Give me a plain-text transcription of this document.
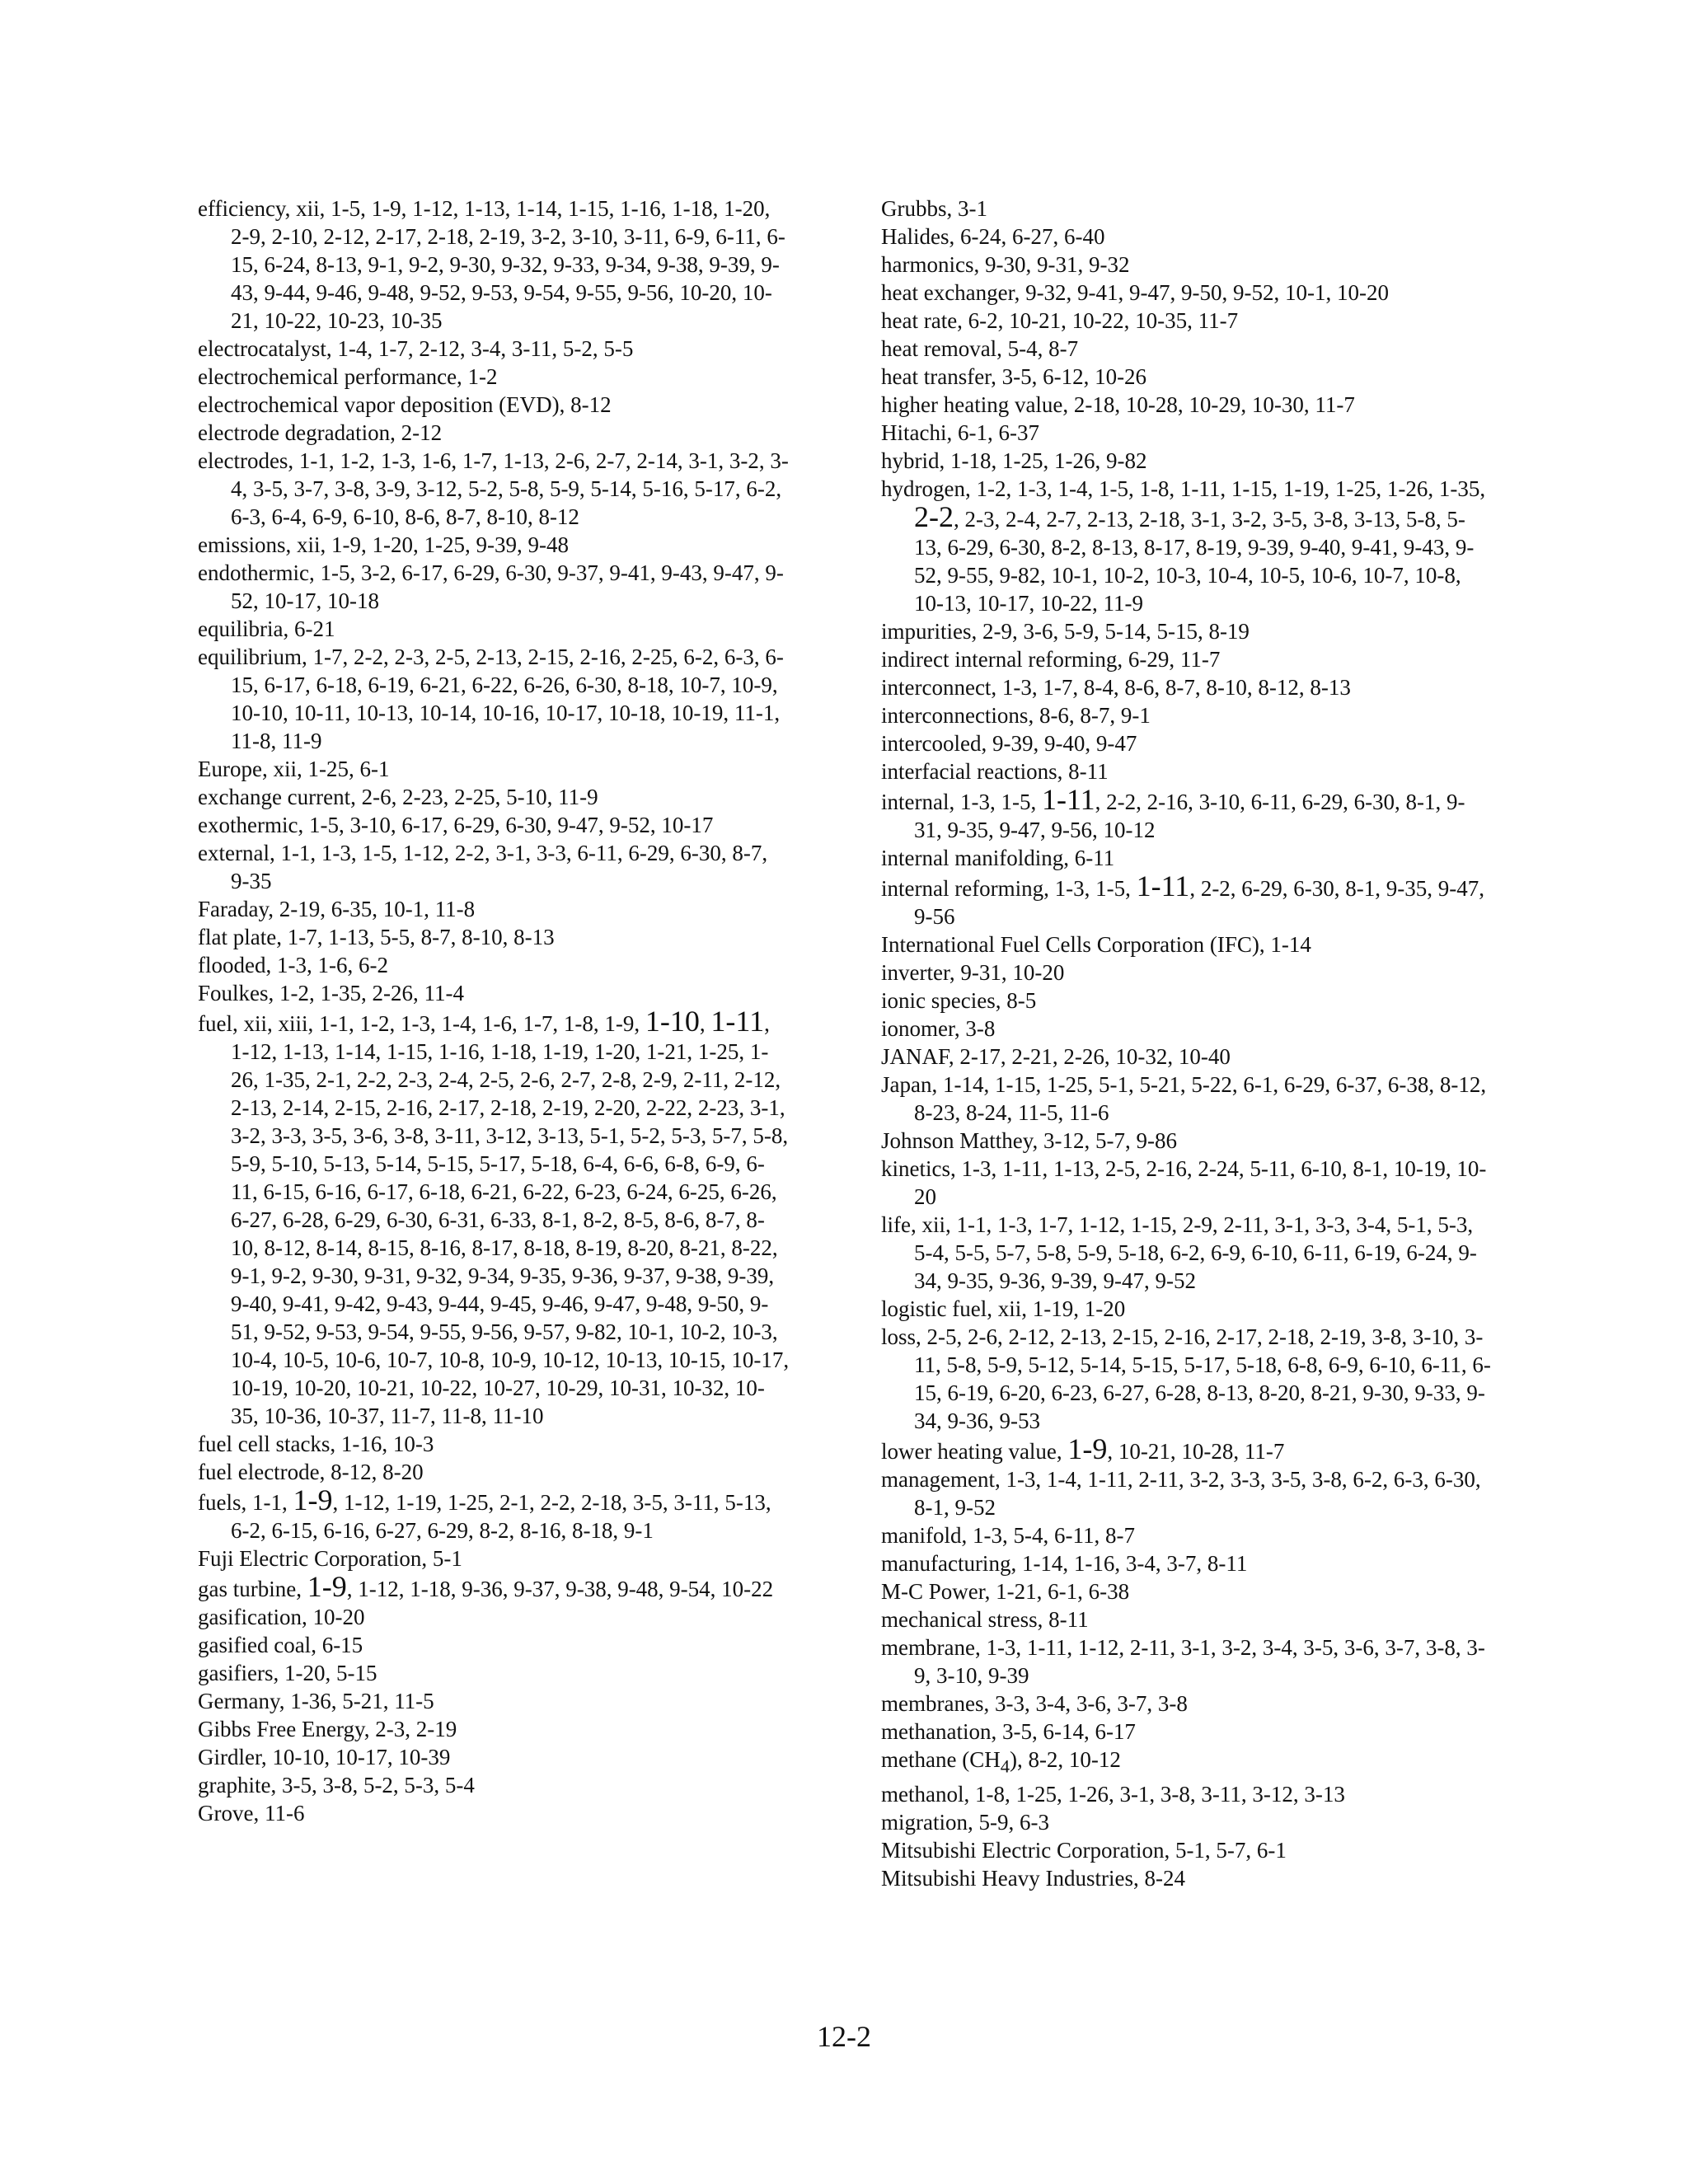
efficiency, xii, 1-5, 1-9, 1-12, 1-13, 1-14, 1-15, 1-16, 1-18, 1-20, 2-9, 2-10, 2-12, 2-17, 2-18, 2-19, 3-2, 3-10, 3-11, 6-9, 6-11, 6-15, 6-24, 8-13, 9-1, 9-2, 9-30, 9-32, 9-33, 9-34, 9-38, 9-39, 9-43, 9-44, 9-46, 9-48, 9-52, 9-53, 9-54, 9-55, 9-56, 10-20, 10-21, 10-22, 10-23, 10-35

electrocatalyst, 1-4, 1-7, 2-12, 3-4, 3-11, 5-2, 5-5

electrochemical performance, 1-2

electrochemical vapor deposition (EVD), 8-12

electrode degradation, 2-12

electrodes, 1-1, 1-2, 1-3, 1-6, 1-7, 1-13, 2-6, 2-7, 2-14, 3-1, 3-2, 3-4, 3-5, 3-7, 3-8, 3-9, 3-12, 5-2, 5-8, 5-9, 5-14, 5-16, 5-17, 6-2, 6-3, 6-4, 6-9, 6-10, 8-6, 8-7, 8-10, 8-12

emissions, xii, 1-9, 1-20, 1-25, 9-39, 9-48

endothermic, 1-5, 3-2, 6-17, 6-29, 6-30, 9-37, 9-41, 9-43, 9-47, 9-52, 10-17, 10-18

equilibria, 6-21

equilibrium, 1-7, 2-2, 2-3, 2-5, 2-13, 2-15, 2-16, 2-25, 6-2, 6-3, 6-15, 6-17, 6-18, 6-19, 6-21, 6-22, 6-26, 6-30, 8-18, 10-7, 10-9, 10-10, 10-11, 10-13, 10-14, 10-16, 10-17, 10-18, 10-19, 11-1, 11-8, 11-9

Europe, xii, 1-25, 6-1

exchange current, 2-6, 2-23, 2-25, 5-10, 11-9

exothermic, 1-5, 3-10, 6-17, 6-29, 6-30, 9-47, 9-52, 10-17

external, 1-1, 1-3, 1-5, 1-12, 2-2, 3-1, 3-3, 6-11, 6-29, 6-30, 8-7, 9-35

Faraday, 2-19, 6-35, 10-1, 11-8

flat plate, 1-7, 1-13, 5-5, 8-7, 8-10, 8-13

flooded, 1-3, 1-6, 6-2

Foulkes, 1-2, 1-35, 2-26, 11-4

fuel, xii, xiii, 1-1, 1-2, 1-3, 1-4, 1-6, 1-7, 1-8, 1-9, 1-10, 1-11, 1-12, 1-13, 1-14, 1-15, 1-16, 1-18, 1-19, 1-20, 1-21, 1-25, 1-26, 1-35, 2-1, 2-2, 2-3, 2-4, 2-5, 2-6, 2-7, 2-8, 2-9, 2-11, 2-12, 2-13, 2-14, 2-15, 2-16, 2-17, 2-18, 2-19, 2-20, 2-22, 2-23, 3-1, 3-2, 3-3, 3-5, 3-6, 3-8, 3-11, 3-12, 3-13, 5-1, 5-2, 5-3, 5-7, 5-8, 5-9, 5-10, 5-13, 5-14, 5-15, 5-17, 5-18, 6-4, 6-6, 6-8, 6-9, 6-11, 6-15, 6-16, 6-17, 6-18, 6-21, 6-22, 6-23, 6-24, 6-25, 6-26, 6-27, 6-28, 6-29, 6-30, 6-31, 6-33, 8-1, 8-2, 8-5, 8-6, 8-7, 8-10, 8-12, 8-14, 8-15, 8-16, 8-17, 8-18, 8-19, 8-20, 8-21, 8-22, 9-1, 9-2, 9-30, 9-31, 9-32, 9-34, 9-35, 9-36, 9-37, 9-38, 9-39, 9-40, 9-41, 9-42, 9-43, 9-44, 9-45, 9-46, 9-47, 9-48, 9-50, 9-51, 9-52, 9-53, 9-54, 9-55, 9-56, 9-57, 9-82, 10-1, 10-2, 10-3, 10-4, 10-5, 10-6, 10-7, 10-8, 10-9, 10-12, 10-13, 10-15, 10-17, 10-19, 10-20, 10-21, 10-22, 10-27, 10-29, 10-31, 10-32, 10-35, 10-36, 10-37, 11-7, 11-8, 11-10

fuel cell stacks, 1-16, 10-3

fuel electrode, 8-12, 8-20

fuels, 1-1, 1-9, 1-12, 1-19, 1-25, 2-1, 2-2, 2-18, 3-5, 3-11, 5-13, 6-2, 6-15, 6-16, 6-27, 6-29, 8-2, 8-16, 8-18, 9-1

Fuji Electric Corporation, 5-1

gas turbine, 1-9, 1-12, 1-18, 9-36, 9-37, 9-38, 9-48, 9-54, 10-22

gasification, 10-20

gasified coal, 6-15

gasifiers, 1-20, 5-15

Germany, 1-36, 5-21, 11-5

Gibbs Free Energy, 2-3, 2-19

Girdler, 10-10, 10-17, 10-39

graphite, 3-5, 3-8, 5-2, 5-3, 5-4

Grove, 11-6

Grubbs, 3-1

Halides, 6-24, 6-27, 6-40

harmonics, 9-30, 9-31, 9-32

heat exchanger, 9-32, 9-41, 9-47, 9-50, 9-52, 10-1, 10-20

heat rate, 6-2, 10-21, 10-22, 10-35, 11-7

heat removal, 5-4, 8-7

heat transfer, 3-5, 6-12, 10-26

higher heating value, 2-18, 10-28, 10-29, 10-30, 11-7

Hitachi, 6-1, 6-37

hybrid, 1-18, 1-25, 1-26, 9-82

hydrogen, 1-2, 1-3, 1-4, 1-5, 1-8, 1-11, 1-15, 1-19, 1-25, 1-26, 1-35, 2-2, 2-3, 2-4, 2-7, 2-13, 2-18, 3-1, 3-2, 3-5, 3-8, 3-13, 5-8, 5-13, 6-29, 6-30, 8-2, 8-13, 8-17, 8-19, 9-39, 9-40, 9-41, 9-43, 9-52, 9-55, 9-82, 10-1, 10-2, 10-3, 10-4, 10-5, 10-6, 10-7, 10-8, 10-13, 10-17, 10-22, 11-9

impurities, 2-9, 3-6, 5-9, 5-14, 5-15, 8-19

indirect internal reforming, 6-29, 11-7

interconnect, 1-3, 1-7, 8-4, 8-6, 8-7, 8-10, 8-12, 8-13

interconnections, 8-6, 8-7, 9-1

intercooled, 9-39, 9-40, 9-47

interfacial reactions, 8-11

internal, 1-3, 1-5, 1-11, 2-2, 2-16, 3-10, 6-11, 6-29, 6-30, 8-1, 9-31, 9-35, 9-47, 9-56, 10-12

internal manifolding, 6-11

internal reforming, 1-3, 1-5, 1-11, 2-2, 6-29, 6-30, 8-1, 9-35, 9-47, 9-56

International Fuel Cells Corporation (IFC), 1-14

inverter, 9-31, 10-20

ionic species, 8-5

ionomer, 3-8

JANAF, 2-17, 2-21, 2-26, 10-32, 10-40

Japan, 1-14, 1-15, 1-25, 5-1, 5-21, 5-22, 6-1, 6-29, 6-37, 6-38, 8-12, 8-23, 8-24, 11-5, 11-6

Johnson Matthey, 3-12, 5-7, 9-86

kinetics, 1-3, 1-11, 1-13, 2-5, 2-16, 2-24, 5-11, 6-10, 8-1, 10-19, 10-20

life, xii, 1-1, 1-3, 1-7, 1-12, 1-15, 2-9, 2-11, 3-1, 3-3, 3-4, 5-1, 5-3, 5-4, 5-5, 5-7, 5-8, 5-9, 5-18, 6-2, 6-9, 6-10, 6-11, 6-19, 6-24, 9-34, 9-35, 9-36, 9-39, 9-47, 9-52

logistic fuel, xii, 1-19, 1-20

loss, 2-5, 2-6, 2-12, 2-13, 2-15, 2-16, 2-17, 2-18, 2-19, 3-8, 3-10, 3-11, 5-8, 5-9, 5-12, 5-14, 5-15, 5-17, 5-18, 6-8, 6-9, 6-10, 6-11, 6-15, 6-19, 6-20, 6-23, 6-27, 6-28, 8-13, 8-20, 8-21, 9-30, 9-33, 9-34, 9-36, 9-53

lower heating value, 1-9, 10-21, 10-28, 11-7

management, 1-3, 1-4, 1-11, 2-11, 3-2, 3-3, 3-5, 3-8, 6-2, 6-3, 6-30, 8-1, 9-52

manifold, 1-3, 5-4, 6-11, 8-7

manufacturing, 1-14, 1-16, 3-4, 3-7, 8-11

M-C Power, 1-21, 6-1, 6-38

mechanical stress, 8-11

membrane, 1-3, 1-11, 1-12, 2-11, 3-1, 3-2, 3-4, 3-5, 3-6, 3-7, 3-8, 3-9, 3-10, 9-39

membranes, 3-3, 3-4, 3-6, 3-7, 3-8

methanation, 3-5, 6-14, 6-17

methane $(CH_4)$, 8-2, 10-12

methanol, 1-8, 1-25, 1-26, 3-1, 3-8, 3-11, 3-12, 3-13

migration, 5-9, 6-3

Mitsubishi Electric Corporation, 5-1, 5-7, 6-1

Mitsubishi Heavy Industries, 8-24

12-2
